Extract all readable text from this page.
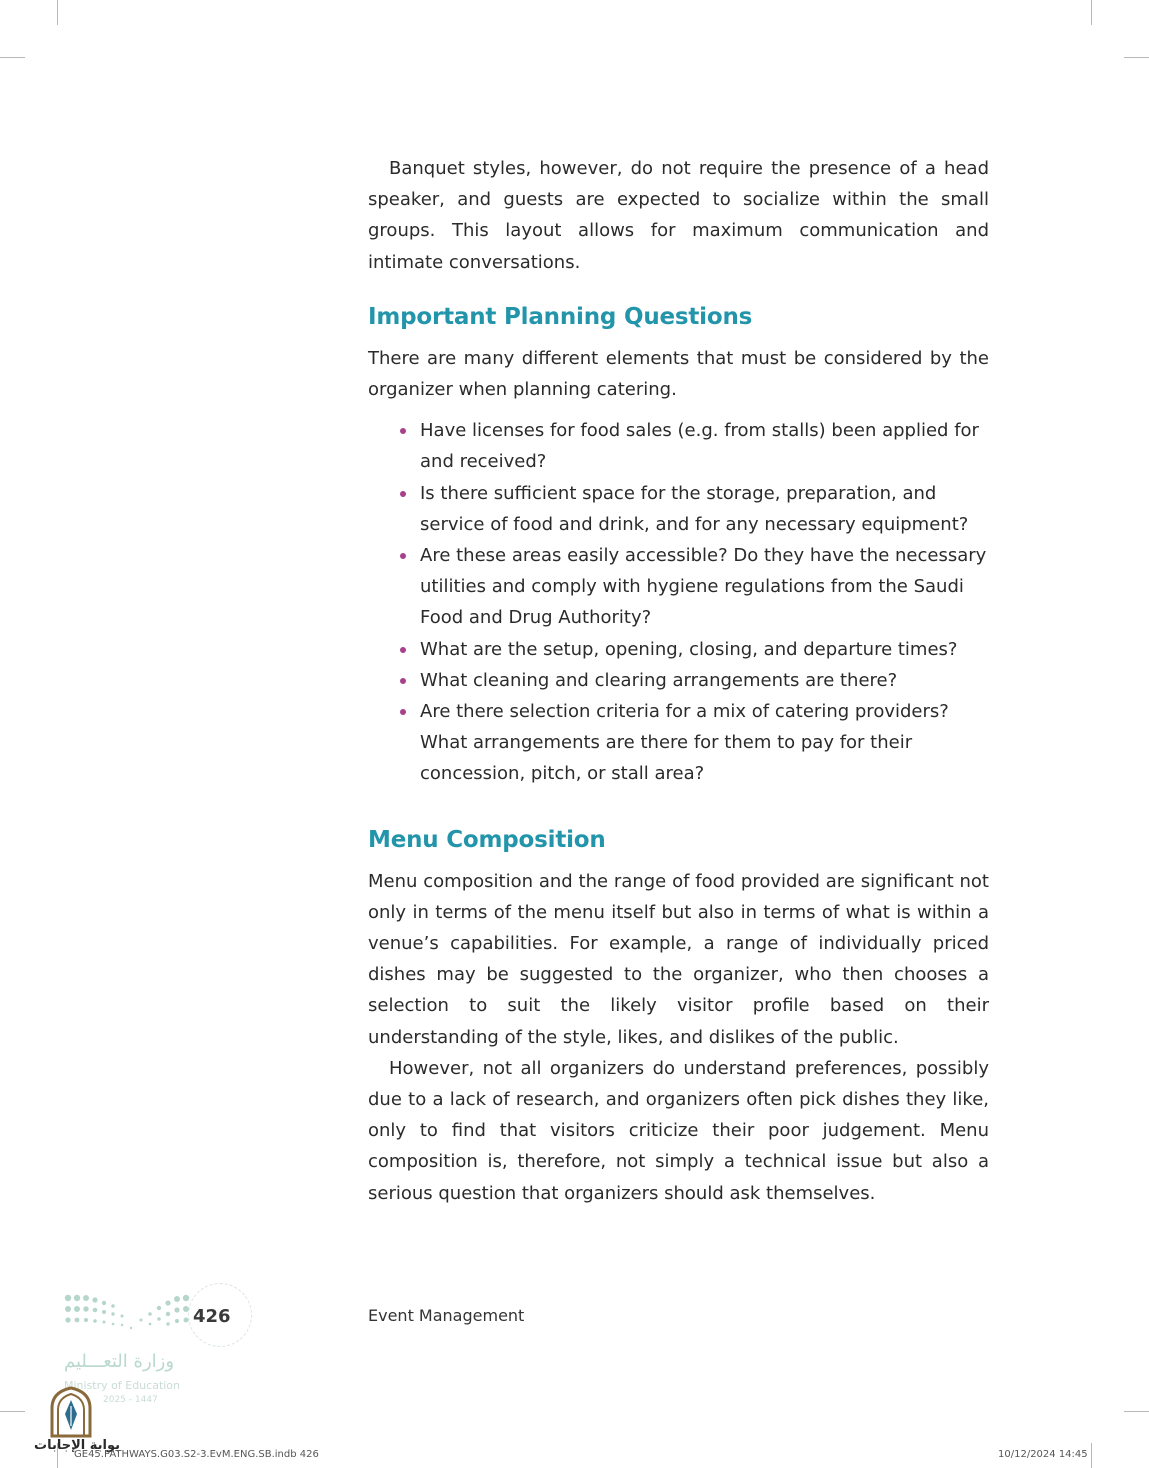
Banquet styles, however, do not require the presence of a head speaker, and guests are expected to socialize within the small groups. This layout allows for maximum communication and intimate conversations.

Important Planning Questions

There are many different elements that must be considered by the organizer when planning catering.

Have licenses for food sales (e.g. from stalls) been applied for and received?
Is there sufficient space for the storage, preparation, and service of food and drink, and for any necessary equipment?
Are these areas easily accessible? Do they have the necessary utilities and comply with hygiene regulations from the Saudi Food and Drug Authority?
What are the setup, opening, closing, and departure times?
What cleaning and clearing arrangements are there?
Are there selection criteria for a mix of catering providers? What arrangements are there for them to pay for their concession, pitch, or stall area?
Menu Composition

Menu composition and the range of food provided are significant not only in terms of the menu itself but also in terms of what is within a venue’s capabilities. For example, a range of individually priced dishes may be suggested to the organizer, who then chooses a selection to suit the likely visitor profile based on their understanding of the style, likes, and dislikes of the public.

However, not all organizers do understand preferences, possibly due to a lack of research, and organizers often pick dishes they like, only to find that visitors criticize their poor judgement. Menu composition is, therefore, not simply a technical issue but also a serious question that organizers should ask themselves.

426
وزارة التعـــليم
Ministry of Education
2025 - 1447
Event Management
بوابة الإجابات
GE45.PATHWAYS.G03.S2-3.EvM.ENG.SB.indb 426	10/12/2024 14:45
